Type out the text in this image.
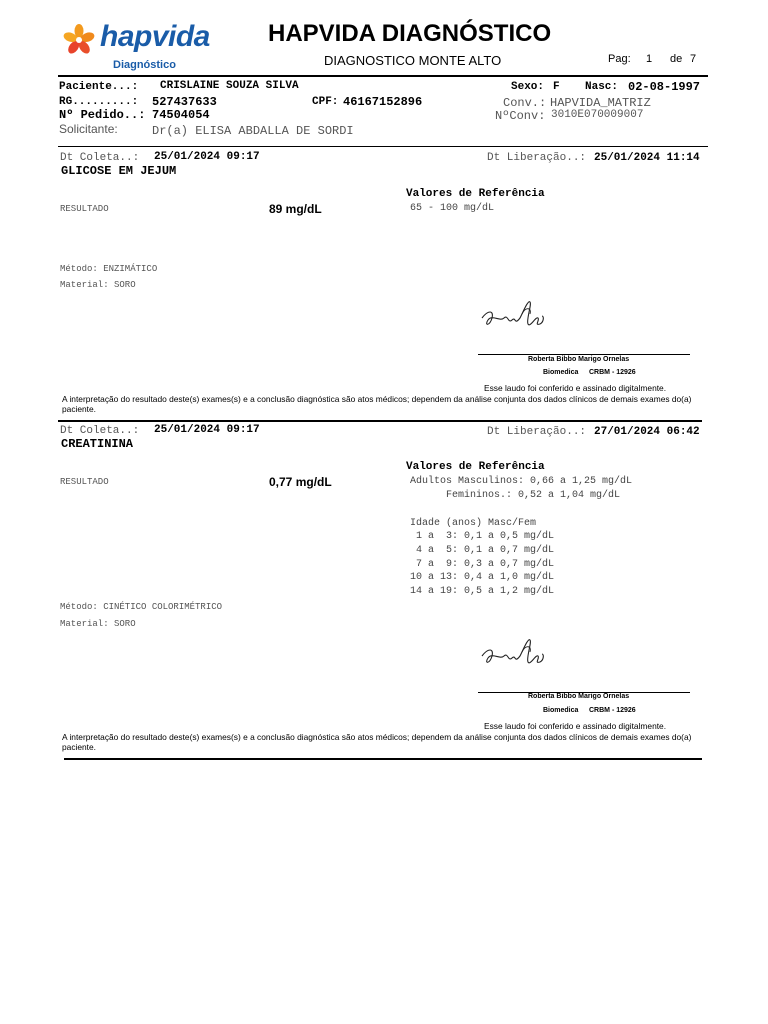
hapvida
Diagnóstico
HAPVIDA DIAGNÓSTICO
DIAGNOSTICO MONTE ALTO	Pag: 1 de 7
Paciente...: CRISLAINE SOUZA SILVA	Sexo: F Nasc: 02-08-1997
RG.........: 527437633	CPF: 46167152896	Conv.: HAPVIDA_MATRIZ
Nº Pedido..: 74504054	NºConv: 3010E070009007
Solicitante:	Dr(a) ELISA ABDALLA DE SORDI
Dt Coleta..: 25/01/2024 09:17	Dt Liberação..: 25/01/2024 11:14
GLICOSE EM JEJUM
Valores de Referência
RESULTADO	89 mg/dL	65 - 100 mg/dL
Método: ENZIMÁTICO
Material: SORO
Roberta Bibbo Marigo Ornelas
Biomedica CRBM - 12926
Esse laudo foi conferido e assinado digitalmente.
A interpretação do resultado deste(s) exames(s) e a conclusão diagnóstica são atos médicos; dependem da análise conjunta dos dados clínicos de demais exames do(a) paciente.
Dt Coleta..: 25/01/2024 09:17	Dt Liberação..: 27/01/2024 06:42
CREATININA
Valores de Referência
RESULTADO	0,77 mg/dL	Adultos Masculinos: 0,66 a 1,25 mg/dL
Femininos.: 0,52 a 1,04 mg/dL
Idade (anos) Masc/Fem
1 a  3: 0,1 a 0,5 mg/dL
4 a  5: 0,1 a 0,7 mg/dL
7 a  9: 0,3 a 0,7 mg/dL
10 a 13: 0,4 a 1,0 mg/dL
14 a 19: 0,5 a 1,2 mg/dL
Método: CINÉTICO COLORIMÉTRICO
Material: SORO
Roberta Bibbo Marigo Ornelas
Biomedica CRBM - 12926
Esse laudo foi conferido e assinado digitalmente.
A interpretação do resultado deste(s) exames(s) e a conclusão diagnóstica são atos médicos; dependem da análise conjunta dos dados clínicos de demais exames do(a) paciente.
